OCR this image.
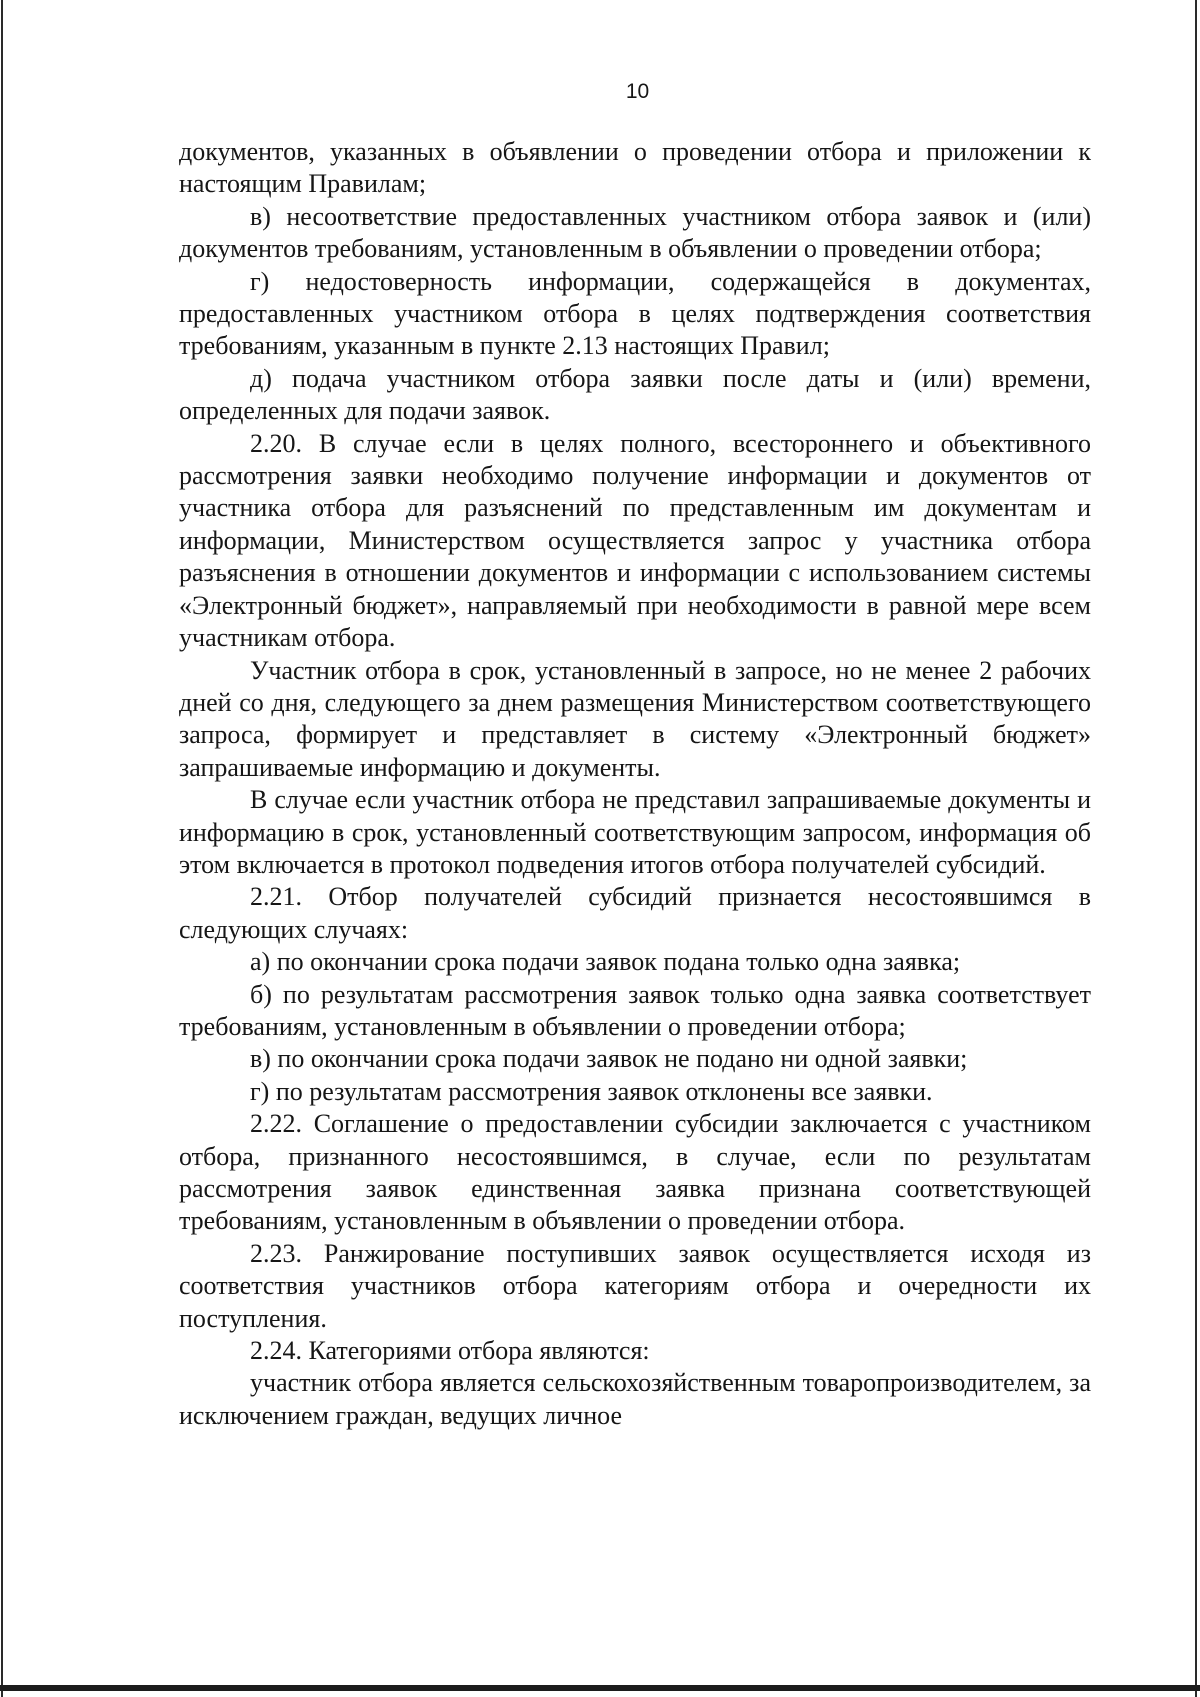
10

документов, указанных в объявлении о проведении отбора и приложении к настоящим Правилам;

в) несоответствие предоставленных участником отбора заявок и (или) документов требованиям, установленным в объявлении о проведении отбора;

г) недостоверность информации, содержащейся в документах, предоставленных участником отбора в целях подтверждения соответствия требованиям, указанным в пункте 2.13 настоящих Правил;

д) подача участником отбора заявки после даты и (или) времени, определенных для подачи заявок.

2.20. В случае если в целях полного, всестороннего и объективного рассмотрения заявки необходимо получение информации и документов от участника отбора для разъяснений по представленным им документам и информации, Министерством осуществляется запрос у участника отбора разъяснения в отношении документов и информации с использованием системы «Электронный бюджет», направляемый при необходимости в равной мере всем участникам отбора.

Участник отбора в срок, установленный в запросе, но не менее 2 рабочих дней со дня, следующего за днем размещения Министерством соответствующего запроса, формирует и представляет в систему «Электронный бюджет» запрашиваемые информацию и документы.

В случае если участник отбора не представил запрашиваемые документы и информацию в срок, установленный соответствующим запросом, информация об этом включается в протокол подведения итогов отбора получателей субсидий.

2.21. Отбор получателей субсидий признается несостоявшимся в следующих случаях:

а) по окончании срока подачи заявок подана только одна заявка;

б) по результатам рассмотрения заявок только одна заявка соответствует требованиям, установленным в объявлении о проведении отбора;

в) по окончании срока подачи заявок не подано ни одной заявки;

г) по результатам рассмотрения заявок отклонены все заявки.

2.22. Соглашение о предоставлении субсидии заключается с участником отбора, признанного несостоявшимся, в случае, если по результатам рассмотрения заявок единственная заявка признана соответствующей требованиям, установленным в объявлении о проведении отбора.

2.23. Ранжирование поступивших заявок осуществляется исходя из соответствия участников отбора категориям отбора и очередности их поступления.

2.24. Категориями отбора являются:

участник отбора является сельскохозяйственным товаропроизводителем, за исключением граждан, ведущих личное
